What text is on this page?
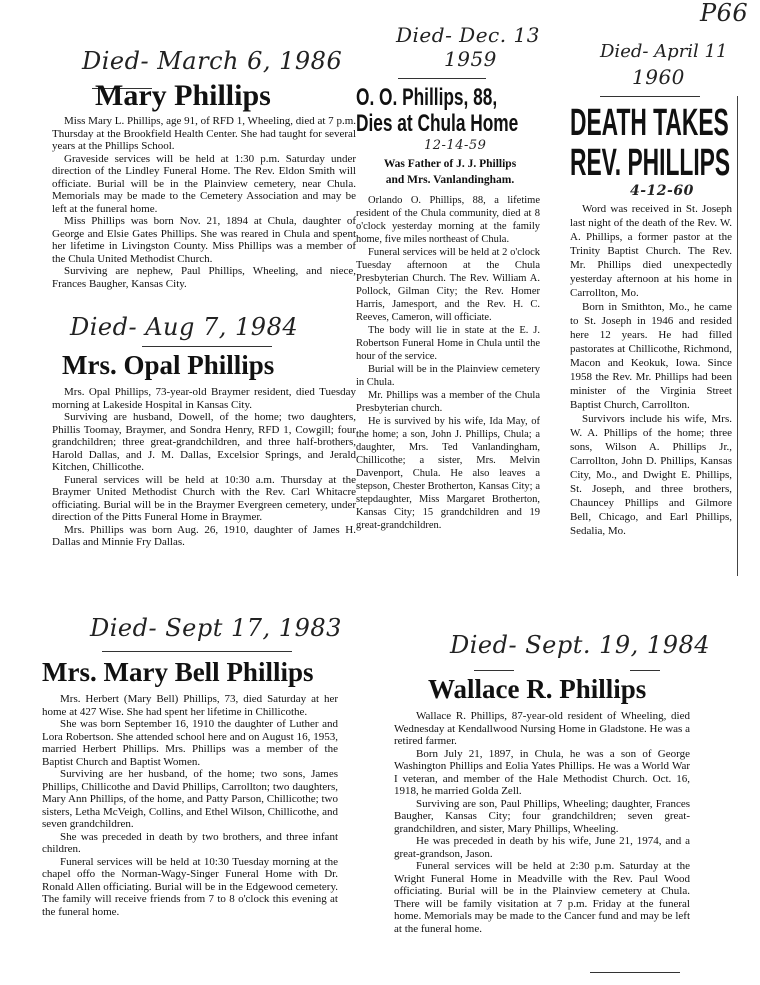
P66
Died- March 6, 1986
Mary Phillips

Miss Mary L. Phillips, age 91, of RFD 1, Wheeling, died at 7 p.m. Thursday at the Brookfield Health Center. She had taught for several years at the Phillips School.

Graveside services will be held at 1:30 p.m. Saturday under direction of the Lindley Funeral Home. The Rev. Eldon Smith will officiate. Burial will be in the Plainview cemetery, near Chula. Memorials may be made to the Cemetery Association and may be left at the funeral home.

Miss Phillips was born Nov. 21, 1894 at Chula, daughter of George and Elsie Gates Phillips. She was reared in Chula and spent her lifetime in Livingston County. Miss Phillips was a member of the Chula United Methodist Church.

Surviving are nephew, Paul Phillips, Wheeling, and niece, Frances Baugher, Kansas City.

Died- Aug 7, 1984
Mrs. Opal Phillips

Mrs. Opal Phillips, 73-year-old Braymer resident, died Tuesday morning at Lakeside Hospital in Kansas City.

Surviving are husband, Dowell, of the home; two daughters, Phillis Toomay, Braymer, and Sondra Henry, RFD 1, Cowgill; four grandchildren; three great-grandchildren, and three half-brothers, Harold Dallas, and J. M. Dallas, Excelsior Springs, and Jerald Kitchen, Chillicothe.

Funeral services will be held at 10:30 a.m. Thursday at the Braymer United Methodist Church with the Rev. Carl Whitacre officiating. Burial will be in the Braymer Evergreen cemetery, under direction of the Pitts Funeral Home in Braymer.

Mrs. Phillips was born Aug. 26, 1910, daughter of James H. Dallas and Minnie Fry Dallas.

Died- Dec. 13
1959
O. O. Phillips, 88,
Dies at Chula Home
12-14-59
Was Father of J. J. Phillips
and Mrs. Vanlandingham.

Orlando O. Phillips, 88, a lifetime resident of the Chula community, died at 8 o'clock yesterday morning at the family home, five miles northeast of Chula.

Funeral services will be held at 2 o'clock Tuesday afternoon at the Chula Presbyterian Church. The Rev. William A. Pollock, Gilman City; the Rev. Homer Harris, Jamesport, and the Rev. H. C. Reeves, Cameron, will officiate.

The body will lie in state at the E. J. Robertson Funeral Home in Chula until the hour of the service.

Burial will be in the Plainview cemetery in Chula.

Mr. Phillips was a member of the Chula Presbyterian church.

He is survived by his wife, Ida May, of the home; a son, John J. Phillips, Chula; a daughter, Mrs. Ted Vanlandingham, Chillicothe; a sister, Mrs. Melvin Davenport, Chula. He also leaves a stepson, Chester Brotherton, Kansas City; a stepdaughter, Miss Margaret Brotherton, Kansas City; 15 grandchildren and 19 great-grandchildren.

Died- April 11
1960
DEATH TAKES
REV. PHILLIPS
4-12-60

Word was received in St. Joseph last night of the death of the Rev. W. A. Phillips, a former pastor at the Trinity Baptist Church. The Rev. Mr. Phillips died unexpectedly yesterday afternoon at his home in Carrollton, Mo.

Born in Smithton, Mo., he came to St. Joseph in 1946 and resided here 12 years. He had filled pastorates at Chillicothe, Richmond, Macon and Keokuk, Iowa. Since 1958 the Rev. Mr. Phillips had been minister of the Virginia Street Baptist Church, Carrollton.

Survivors include his wife, Mrs. W. A. Phillips of the home; three sons, Wilson A. Phillips Jr., Carrollton, John D. Phillips, Kansas City, Mo., and Dwight E. Phillips, St. Joseph, and three brothers, Chauncey Phillips and Gilmore Bell, Chicago, and Earl Phillips, Sedalia, Mo.

Died- Sept 17, 1983
Mrs. Mary Bell Phillips

Mrs. Herbert (Mary Bell) Phillips, 73, died Saturday at her home at 427 Wise. She had spent her lifetime in Chillicothe.

She was born September 16, 1910 the daughter of Luther and Lora Robertson. She attended school here and on August 16, 1953, married Herbert Phillips. Mrs. Phillips was a member of the Baptist Church and Baptist Women.

Surviving are her husband, of the home; two sons, James Phillips, Chillicothe and David Phillips, Carrollton; two daughters, Mary Ann Phillips, of the home, and Patty Parson, Chillicothe; two sisters, Letha McVeigh, Collins, and Ethel Wilson, Chillicothe, and seven grandchildren.

She was preceded in death by two brothers, and three infant children.

Funeral services will be held at 10:30 Tuesday morning at the chapel offo the Norman-Wagy-Singer Funeral Home with Dr. Ronald Allen officiating. Burial will be in the Edgewood cemetery. The family will receive friends from 7 to 8 o'clock this evening at the funeral home.

Died- Sept. 19, 1984
Wallace R. Phillips

Wallace R. Phillips, 87-year-old resident of Wheeling, died Wednesday at Kendallwood Nursing Home in Gladstone. He was a retired farmer.

Born July 21, 1897, in Chula, he was a son of George Washington Phillips and Eolia Yates Phillips. He was a World War I veteran, and member of the Hale Methodist Church. Oct. 16, 1918, he married Golda Zell.

Surviving are son, Paul Phillips, Wheeling; daughter, Frances Baugher, Kansas City; four grandchildren; seven great-grandchildren, and sister, Mary Phillips, Wheeling.

He was preceded in death by his wife, June 21, 1974, and a great-grandson, Jason.

Funeral services will be held at 2:30 p.m. Saturday at the Wright Funeral Home in Meadville with the Rev. Paul Wood officiating. Burial will be in the Plainview cemetery at Chula. There will be family visitation at 7 p.m. Friday at the funeral home. Memorials may be made to the Cancer fund and may be left at the funeral home.
